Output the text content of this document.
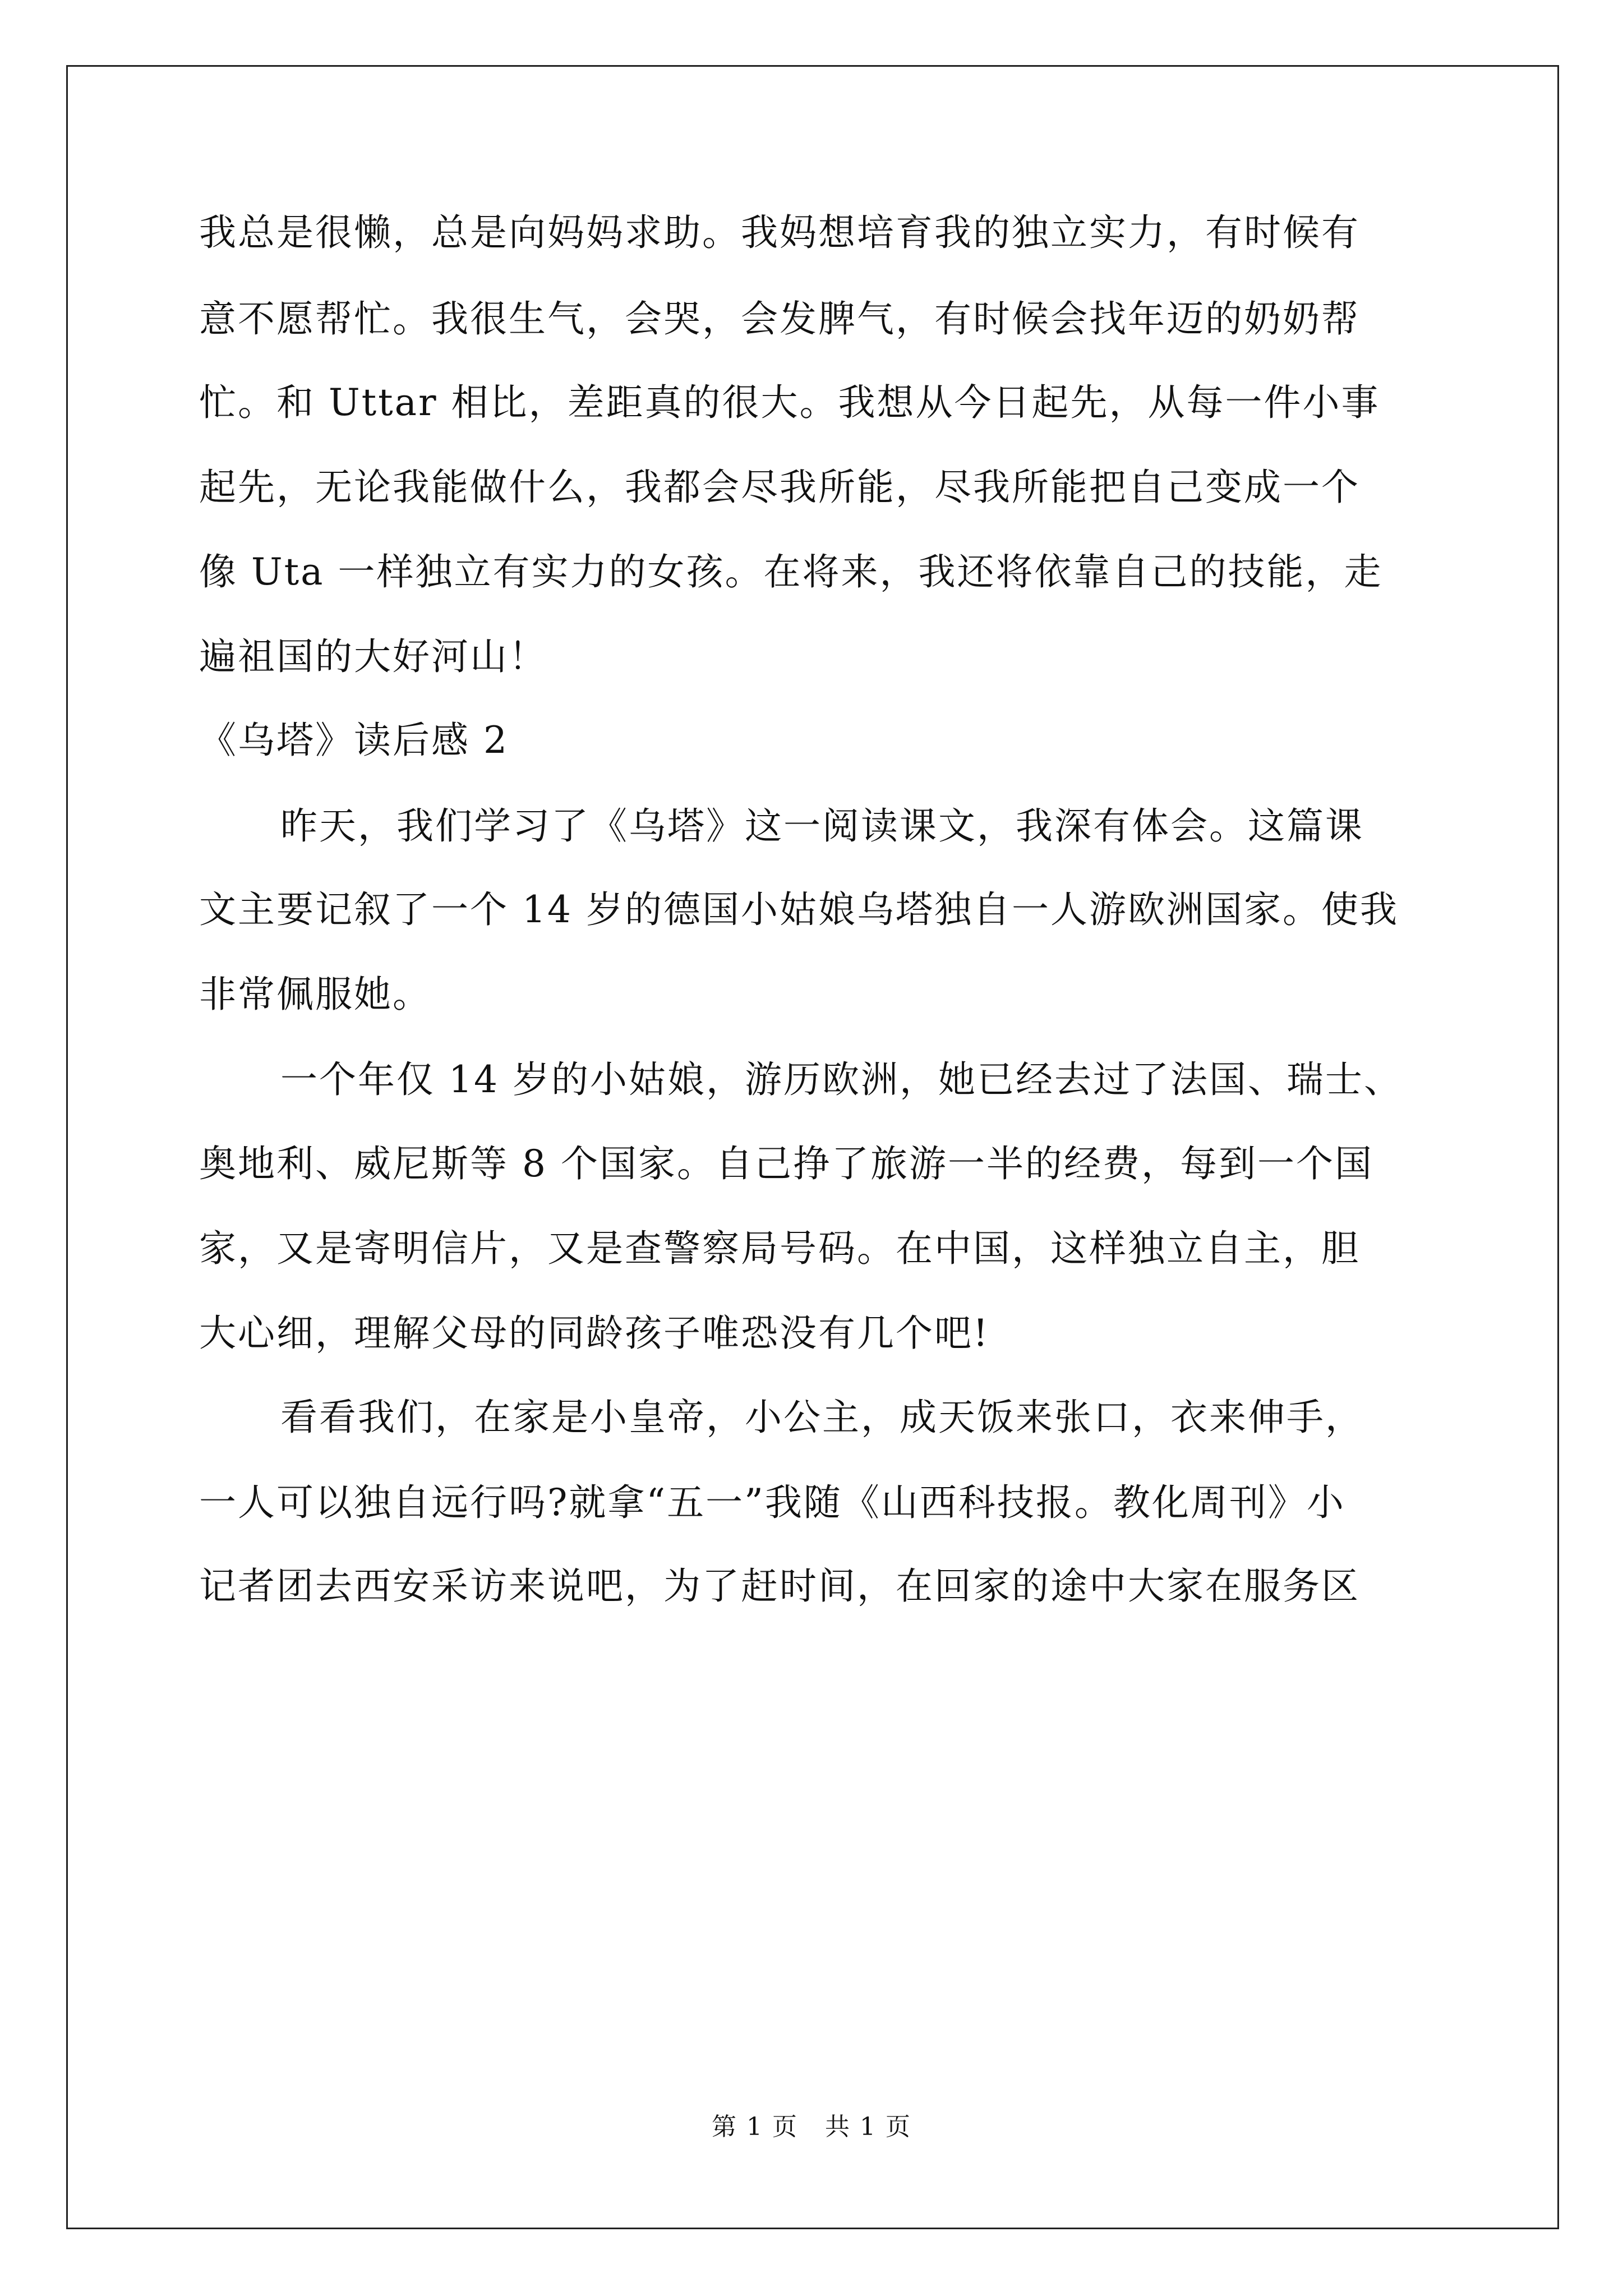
我总是很懒，总是向妈妈求助。我妈想培育我的独立实力，有时候有
意不愿帮忙。我很生气，会哭，会发脾气，有时候会找年迈的奶奶帮
忙。和 Uttar 相比，差距真的很大。我想从今日起先，从每一件小事
起先，无论我能做什么，我都会尽我所能，尽我所能把自己变成一个
像 Uta 一样独立有实力的女孩。在将来，我还将依靠自己的技能，走
遍祖国的大好河山！
《乌塔》读后感 2
昨天，我们学习了《乌塔》这一阅读课文，我深有体会。这篇课
文主要记叙了一个 14 岁的德国小姑娘乌塔独自一人游欧洲国家。使我
非常佩服她。
一个年仅 14 岁的小姑娘，游历欧洲，她已经去过了法国、瑞士、
奥地利、威尼斯等 8 个国家。自己挣了旅游一半的经费，每到一个国
家，又是寄明信片，又是查警察局号码。在中国，这样独立自主，胆
大心细，理解父母的同龄孩子唯恐没有几个吧!
看看我们，在家是小皇帝，小公主，成天饭来张口，衣来伸手，
一人可以独自远行吗?就拿“五一”我随《山西科技报。教化周刊》小
记者团去西安采访来说吧，为了赶时间，在回家的途中大家在服务区
第 1 页   共 1 页
